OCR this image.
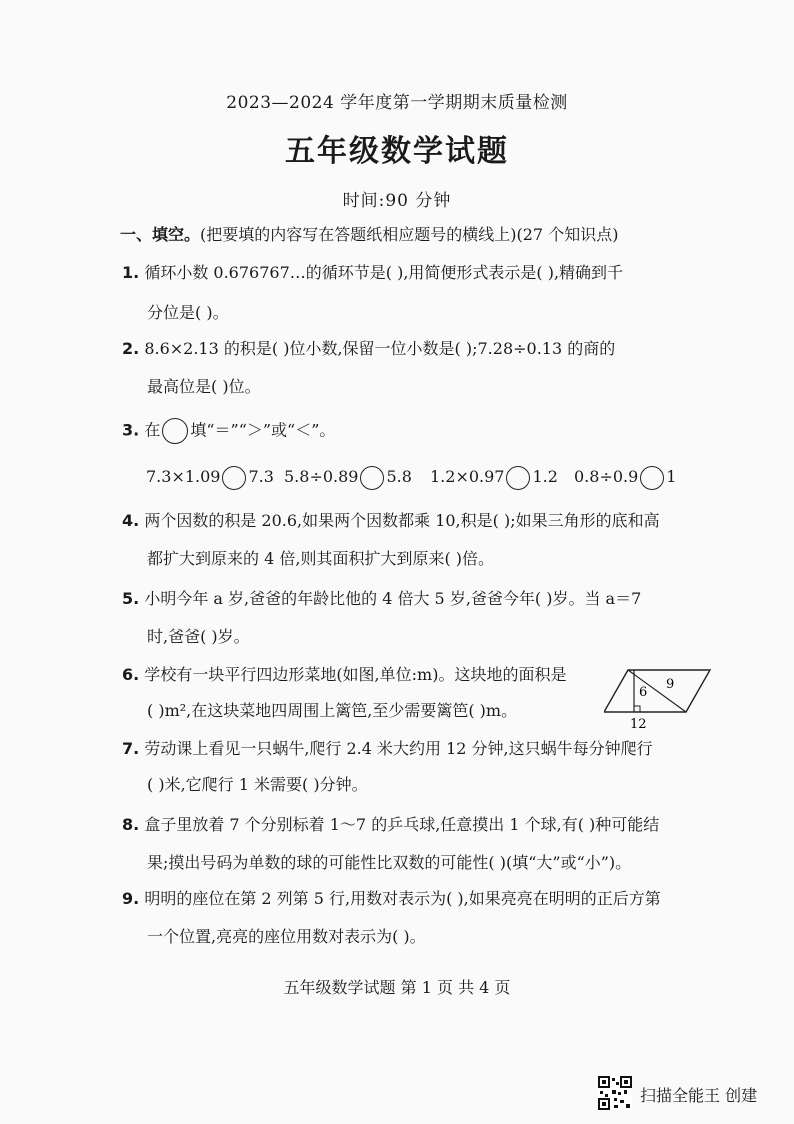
2023—2024 学年度第一学期期末质量检测
五年级数学试题
时间:90 分钟
一、填空。(把要填的内容写在答题纸相应题号的横线上)(27 个知识点)
1. 循环小数 0.676767…的循环节是( ),用简便形式表示是( ),精确到千
分位是( )。
2. 8.6×2.13 的积是( )位小数,保留一位小数是( );7.28÷0.13 的商的
最高位是( )位。
3. 在 填“＝”“＞”或“＜”。
7.3×1.09 7.3 5.8÷0.89 5.8 1.2×0.97 1.2 0.8÷0.9 1
4. 两个因数的积是 20.6,如果两个因数都乘 10,积是( );如果三角形的底和高
都扩大到原来的 4 倍,则其面积扩大到原来( )倍。
5. 小明今年 a 岁,爸爸的年龄比他的 4 倍大 5 岁,爸爸今年( )岁。当 a＝7
时,爸爸( )岁。
6. 学校有一块平行四边形菜地(如图,单位:m)。这块地的面积是
( )m²,在这块菜地四周围上篱笆,至少需要篱笆( )m。
6
9
12
7. 劳动课上看见一只蜗牛,爬行 2.4 米大约用 12 分钟,这只蜗牛每分钟爬行
( )米,它爬行 1 米需要( )分钟。
8. 盒子里放着 7 个分别标着 1～7 的乒乓球,任意摸出 1 个球,有( )种可能结
果;摸出号码为单数的球的可能性比双数的可能性( )(填“大”或“小”)。
9. 明明的座位在第 2 列第 5 行,用数对表示为( ),如果亮亮在明明的正后方第
一个位置,亮亮的座位用数对表示为( )。
五年级数学试题 第 1 页 共 4 页
扫描全能王 创建
